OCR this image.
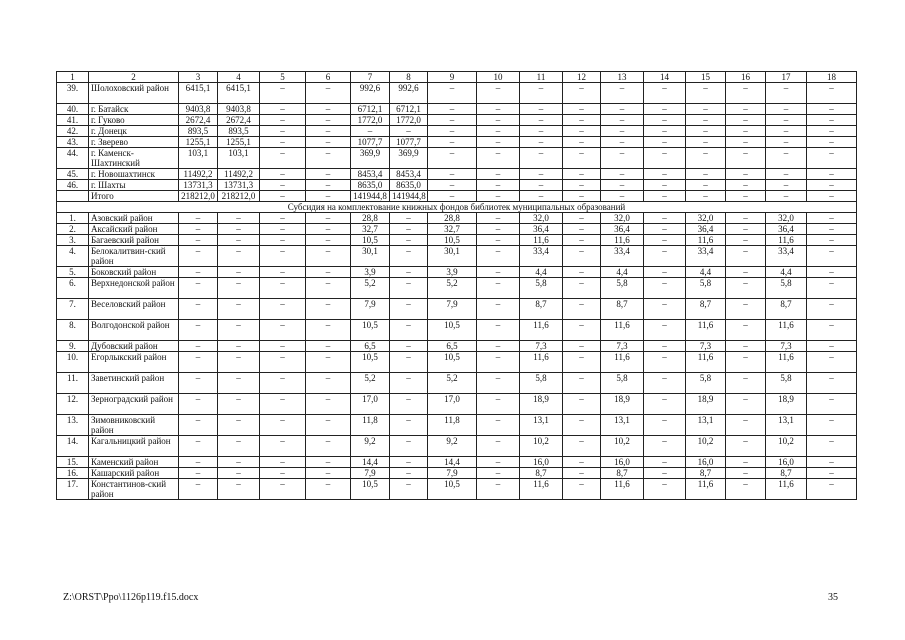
1	2	3	4	5	6	7	8	9	10	11	12	13	14	15	16	17	18
39.	Шолоховский район	6415,1	6415,1	–	–	992,6	992,6	–	–	–	–	–	–	–	–	–	–
40.	г. Батайск	9403,8	9403,8	–	–	6712,1	6712,1	–	–	–	–	–	–	–	–	–	–
41.	г. Гуково	2672,4	2672,4	–	–	1772,0	1772,0	–	–	–	–	–	–	–	–	–	–
42.	г. Донецк	893,5	893,5	–	–	–	–	–	–	–	–	–	–	–	–	–	–
43.	г. Зверево	1255,1	1255,1	–	–	1077,7	1077,7	–	–	–	–	–	–	–	–	–	–
44.	г. Каменск-Шахтинский	103,1	103,1	–	–	369,9	369,9	–	–	–	–	–	–	–	–	–	–
45.	г. Новошахтинск	11492,2	11492,2	–	–	8453,4	8453,4	–	–	–	–	–	–	–	–	–	–
46.	г. Шахты	13731,3	13731,3	–	–	8635,0	8635,0	–	–	–	–	–	–	–	–	–	–
	Итого	218212,0	218212,0	–	–	141944,8	141944,8	–	–	–	–	–	–	–	–	–	–
Субсидия на комплектование книжных фондов библиотек муниципальных образований																	
1.	Азовский район	–	–	–	–	28,8	–	28,8	–	32,0	–	32,0	–	32,0	–	32,0	–
2.	Аксайский район	–	–	–	–	32,7	–	32,7	–	36,4	–	36,4	–	36,4	–	36,4	–
3.	Багаевский район	–	–	–	–	10,5	–	10,5	–	11,6	–	11,6	–	11,6	–	11,6	–
4.	Белокалитвин-ский район	–	–	–	–	30,1	–	30,1	–	33,4	–	33,4	–	33,4	–	33,4	–
5.	Боковский район	–	–	–	–	3,9	–	3,9	–	4,4	–	4,4	–	4,4	–	4,4	–
6.	Верхнедонской район	–	–	–	–	5,2	–	5,2	–	5,8	–	5,8	–	5,8	–	5,8	–
7.	Веселовский район	–	–	–	–	7,9	–	7,9	–	8,7	–	8,7	–	8,7	–	8,7	–
8.	Волгодонской район	–	–	–	–	10,5	–	10,5	–	11,6	–	11,6	–	11,6	–	11,6	–
9.	Дубовский район	–	–	–	–	6,5	–	6,5	–	7,3	–	7,3	–	7,3	–	7,3	–
10.	Егорлыкский район	–	–	–	–	10,5	–	10,5	–	11,6	–	11,6	–	11,6	–	11,6	–
11.	Заветинский район	–	–	–	–	5,2	–	5,2	–	5,8	–	5,8	–	5,8	–	5,8	–
12.	Зерноградский район	–	–	–	–	17,0	–	17,0	–	18,9	–	18,9	–	18,9	–	18,9	–
13.	Зимовниковский район	–	–	–	–	11,8	–	11,8	–	13,1	–	13,1	–	13,1	–	13,1	–
14.	Кагальницкий район	–	–	–	–	9,2	–	9,2	–	10,2	–	10,2	–	10,2	–	10,2	–
15.	Каменский район	–	–	–	–	14,4	–	14,4	–	16,0	–	16,0	–	16,0	–	16,0	–
16.	Кашарский район	–	–	–	–	7,9	–	7,9	–	8,7	–	8,7	–	8,7	–	8,7	–
17.	Константинов-ский район	–	–	–	–	10,5	–	10,5	–	11,6	–	11,6	–	11,6	–	11,6	–
Z:\ORST\Ppo\1126p119.f15.docx	35
